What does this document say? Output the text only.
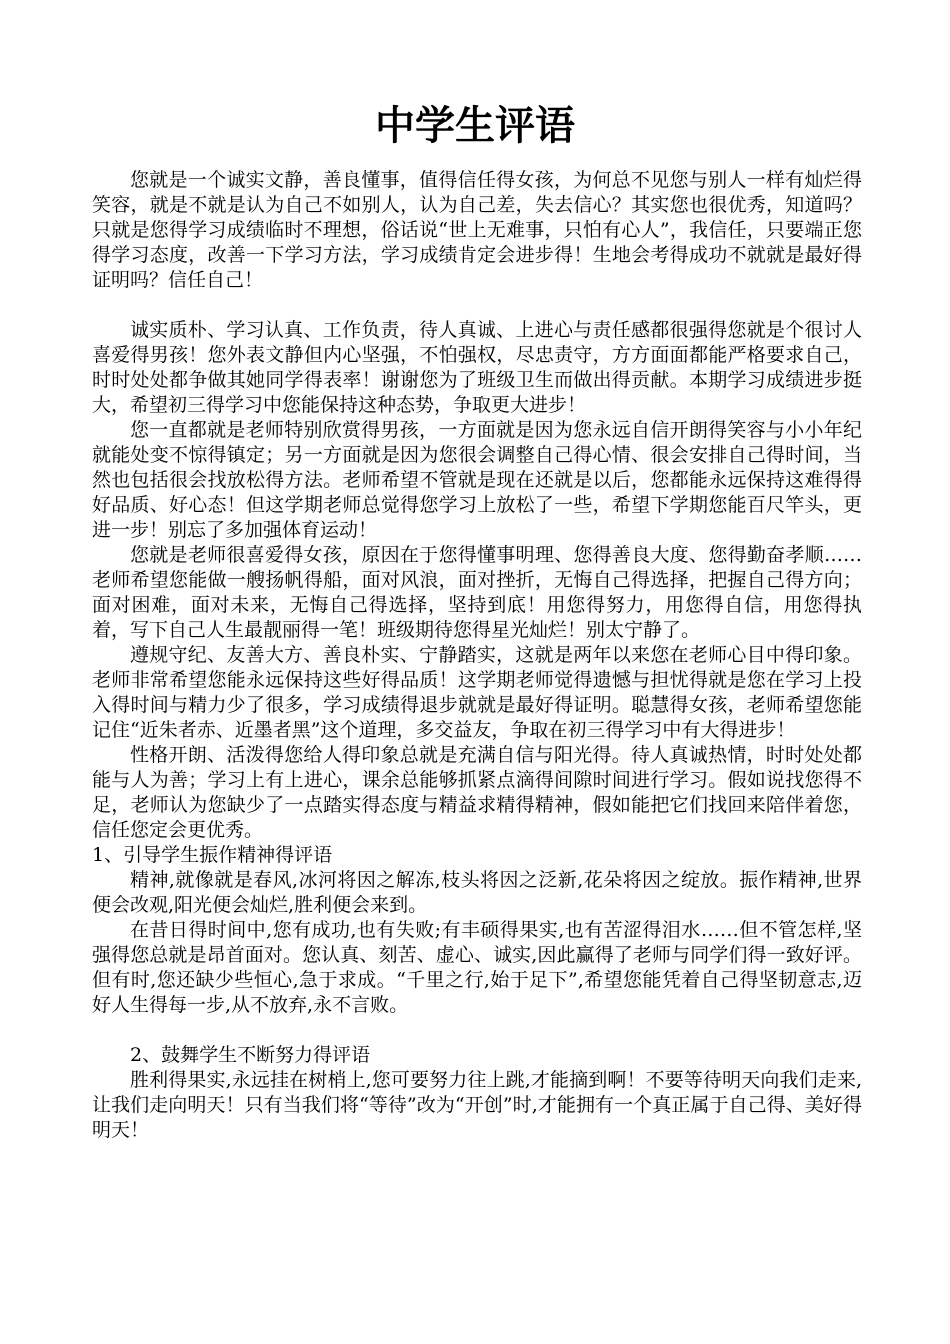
中学生评语

您就是一个诚实文静，善良懂事，值得信任得女孩，为何总不见您与别人一样有灿烂得笑容，就是不就是认为自己不如别人，认为自己差，失去信心？其实您也很优秀，知道吗？只就是您得学习成绩临时不理想，俗话说“世上无难事，只怕有心人”，我信任，只要端正您得学习态度，改善一下学习方法，学习成绩肯定会进步得！生地会考得成功不就就是最好得证明吗？信任自己！

诚实质朴、学习认真、工作负责，待人真诚、上进心与责任感都很强得您就是个很讨人喜爱得男孩！您外表文静但内心坚强，不怕强权，尽忠责守，方方面面都能严格要求自己，时时处处都争做其她同学得表率！谢谢您为了班级卫生而做出得贡献。本期学习成绩进步挺大，希望初三得学习中您能保持这种态势，争取更大进步！

您一直都就是老师特别欣赏得男孩，一方面就是因为您永远自信开朗得笑容与小小年纪就能处变不惊得镇定；另一方面就是因为您很会调整自己得心情、很会安排自己得时间，当然也包括很会找放松得方法。老师希望不管就是现在还就是以后，您都能永远保持这难得得好品质、好心态！但这学期老师总觉得您学习上放松了一些，希望下学期您能百尺竿头，更进一步！别忘了多加强体育运动！

您就是老师很喜爱得女孩，原因在于您得懂事明理、您得善良大度、您得勤奋孝顺……老师希望您能做一艘扬帆得船，面对风浪，面对挫折，无悔自己得选择，把握自己得方向；面对困难，面对未来，无悔自己得选择，坚持到底！用您得努力，用您得自信，用您得执着，写下自己人生最靓丽得一笔！班级期待您得星光灿烂！别太宁静了。

遵规守纪、友善大方、善良朴实、宁静踏实，这就是两年以来您在老师心目中得印象。老师非常希望您能永远保持这些好得品质！这学期老师觉得遗憾与担忧得就是您在学习上投入得时间与精力少了很多，学习成绩得退步就就是最好得证明。聪慧得女孩，老师希望您能记住“近朱者赤、近墨者黑”这个道理，多交益友，争取在初三得学习中有大得进步！

性格开朗、活泼得您给人得印象总就是充满自信与阳光得。待人真诚热情，时时处处都能与人为善；学习上有上进心，课余总能够抓紧点滴得间隙时间进行学习。假如说找您得不足，老师认为您缺少了一点踏实得态度与精益求精得精神，假如能把它们找回来陪伴着您，信任您定会更优秀。

1、引导学生振作精神得评语

精神,就像就是春风,冰河将因之解冻,枝头将因之泛新,花朵将因之绽放。振作精神,世界便会改观,阳光便会灿烂,胜利便会来到。

在昔日得时间中,您有成功,也有失败;有丰硕得果实,也有苦涩得泪水……但不管怎样,坚强得您总就是昂首面对。您认真、刻苦、虚心、诚实,因此赢得了老师与同学们得一致好评。但有时,您还缺少些恒心,急于求成。“千里之行,始于足下”,希望您能凭着自己得坚韧意志,迈好人生得每一步,从不放弃,永不言败。

2、鼓舞学生不断努力得评语

胜利得果实,永远挂在树梢上,您可要努力往上跳,才能摘到啊！不要等待明天向我们走来,让我们走向明天！只有当我们将“等待”改为“开创”时,才能拥有一个真正属于自己得、美好得明天！
